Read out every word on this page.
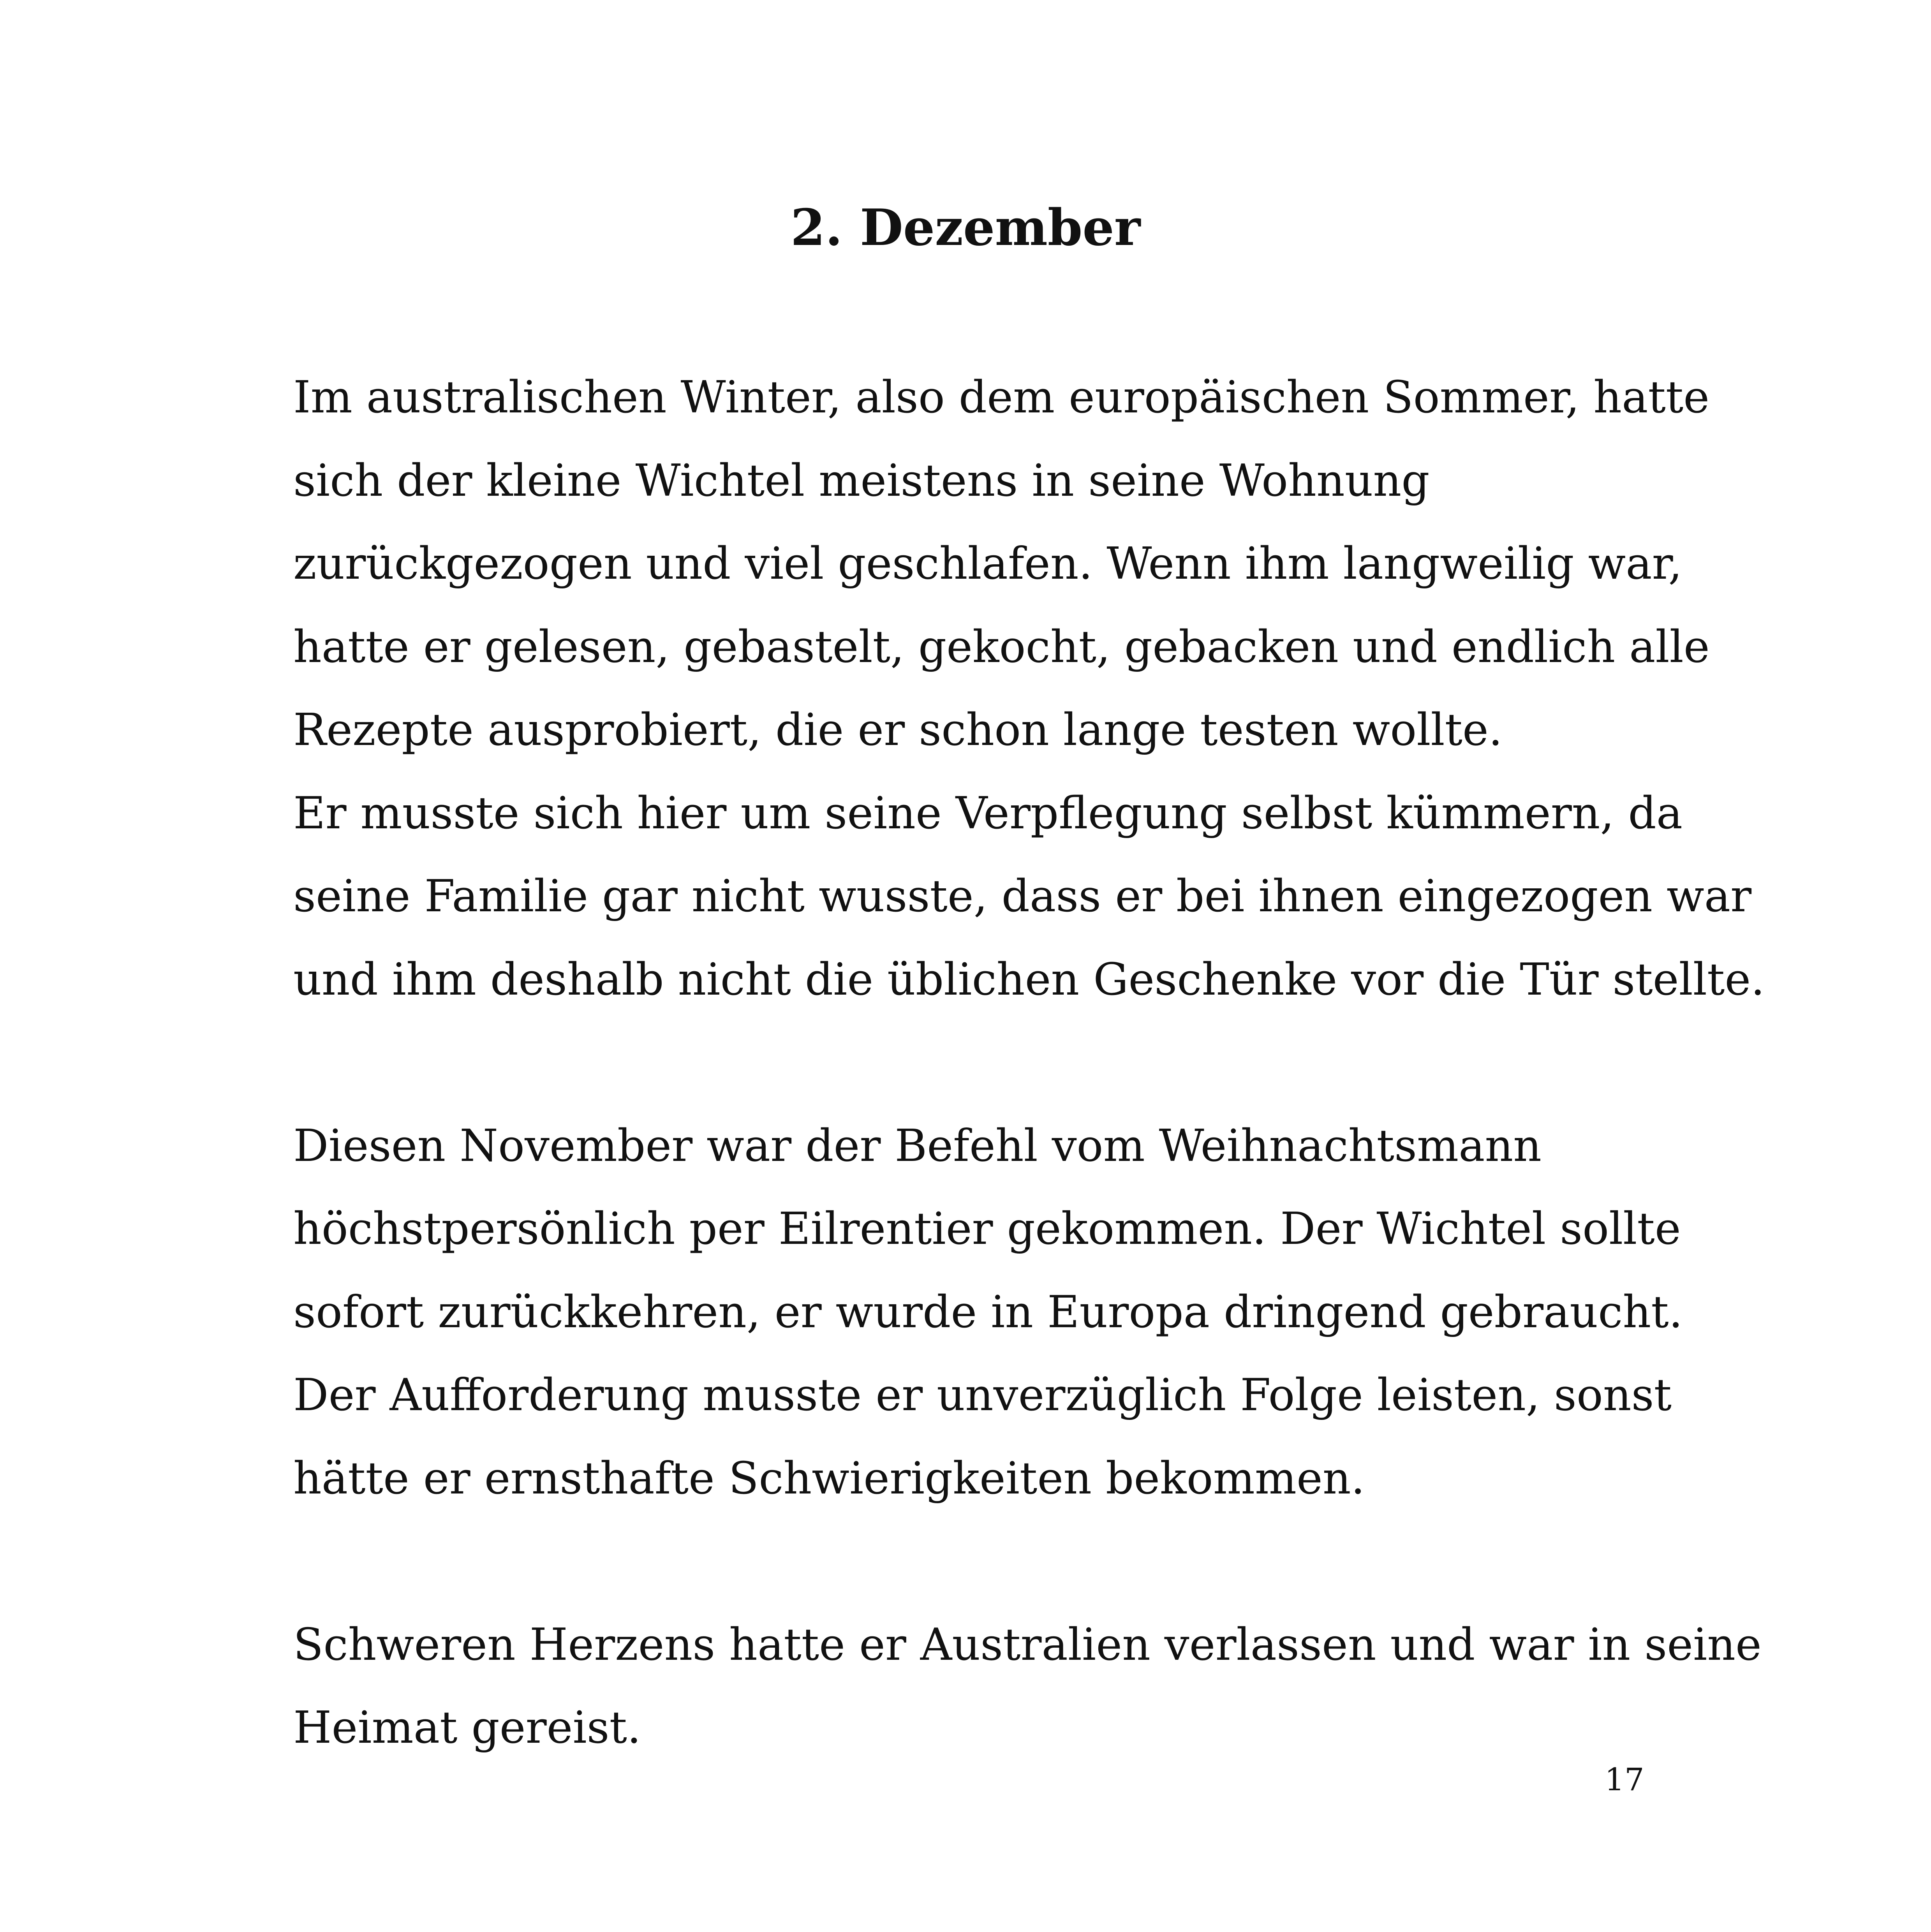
2. Dezember
Im australischen Winter, also dem europäischen Sommer, hatte
sich der kleine Wichtel meistens in seine Wohnung
zurückgezogen und viel geschlafen. Wenn ihm langweilig war,
hatte er gelesen, gebastelt, gekocht, gebacken und endlich alle
Rezepte ausprobiert, die er schon lange testen wollte.
Er musste sich hier um seine Verpflegung selbst kümmern, da
seine Familie gar nicht wusste, dass er bei ihnen eingezogen war
und ihm deshalb nicht die üblichen Geschenke vor die Tür stellte.
Diesen November war der Befehl vom Weihnachtsmann
höchstpersönlich per Eilrentier gekommen. Der Wichtel sollte
sofort zurückkehren, er wurde in Europa dringend gebraucht.
Der Aufforderung musste er unverzüglich Folge leisten, sonst
hätte er ernsthafte Schwierigkeiten bekommen.
Schweren Herzens hatte er Australien verlassen und war in seine
Heimat gereist.
17
